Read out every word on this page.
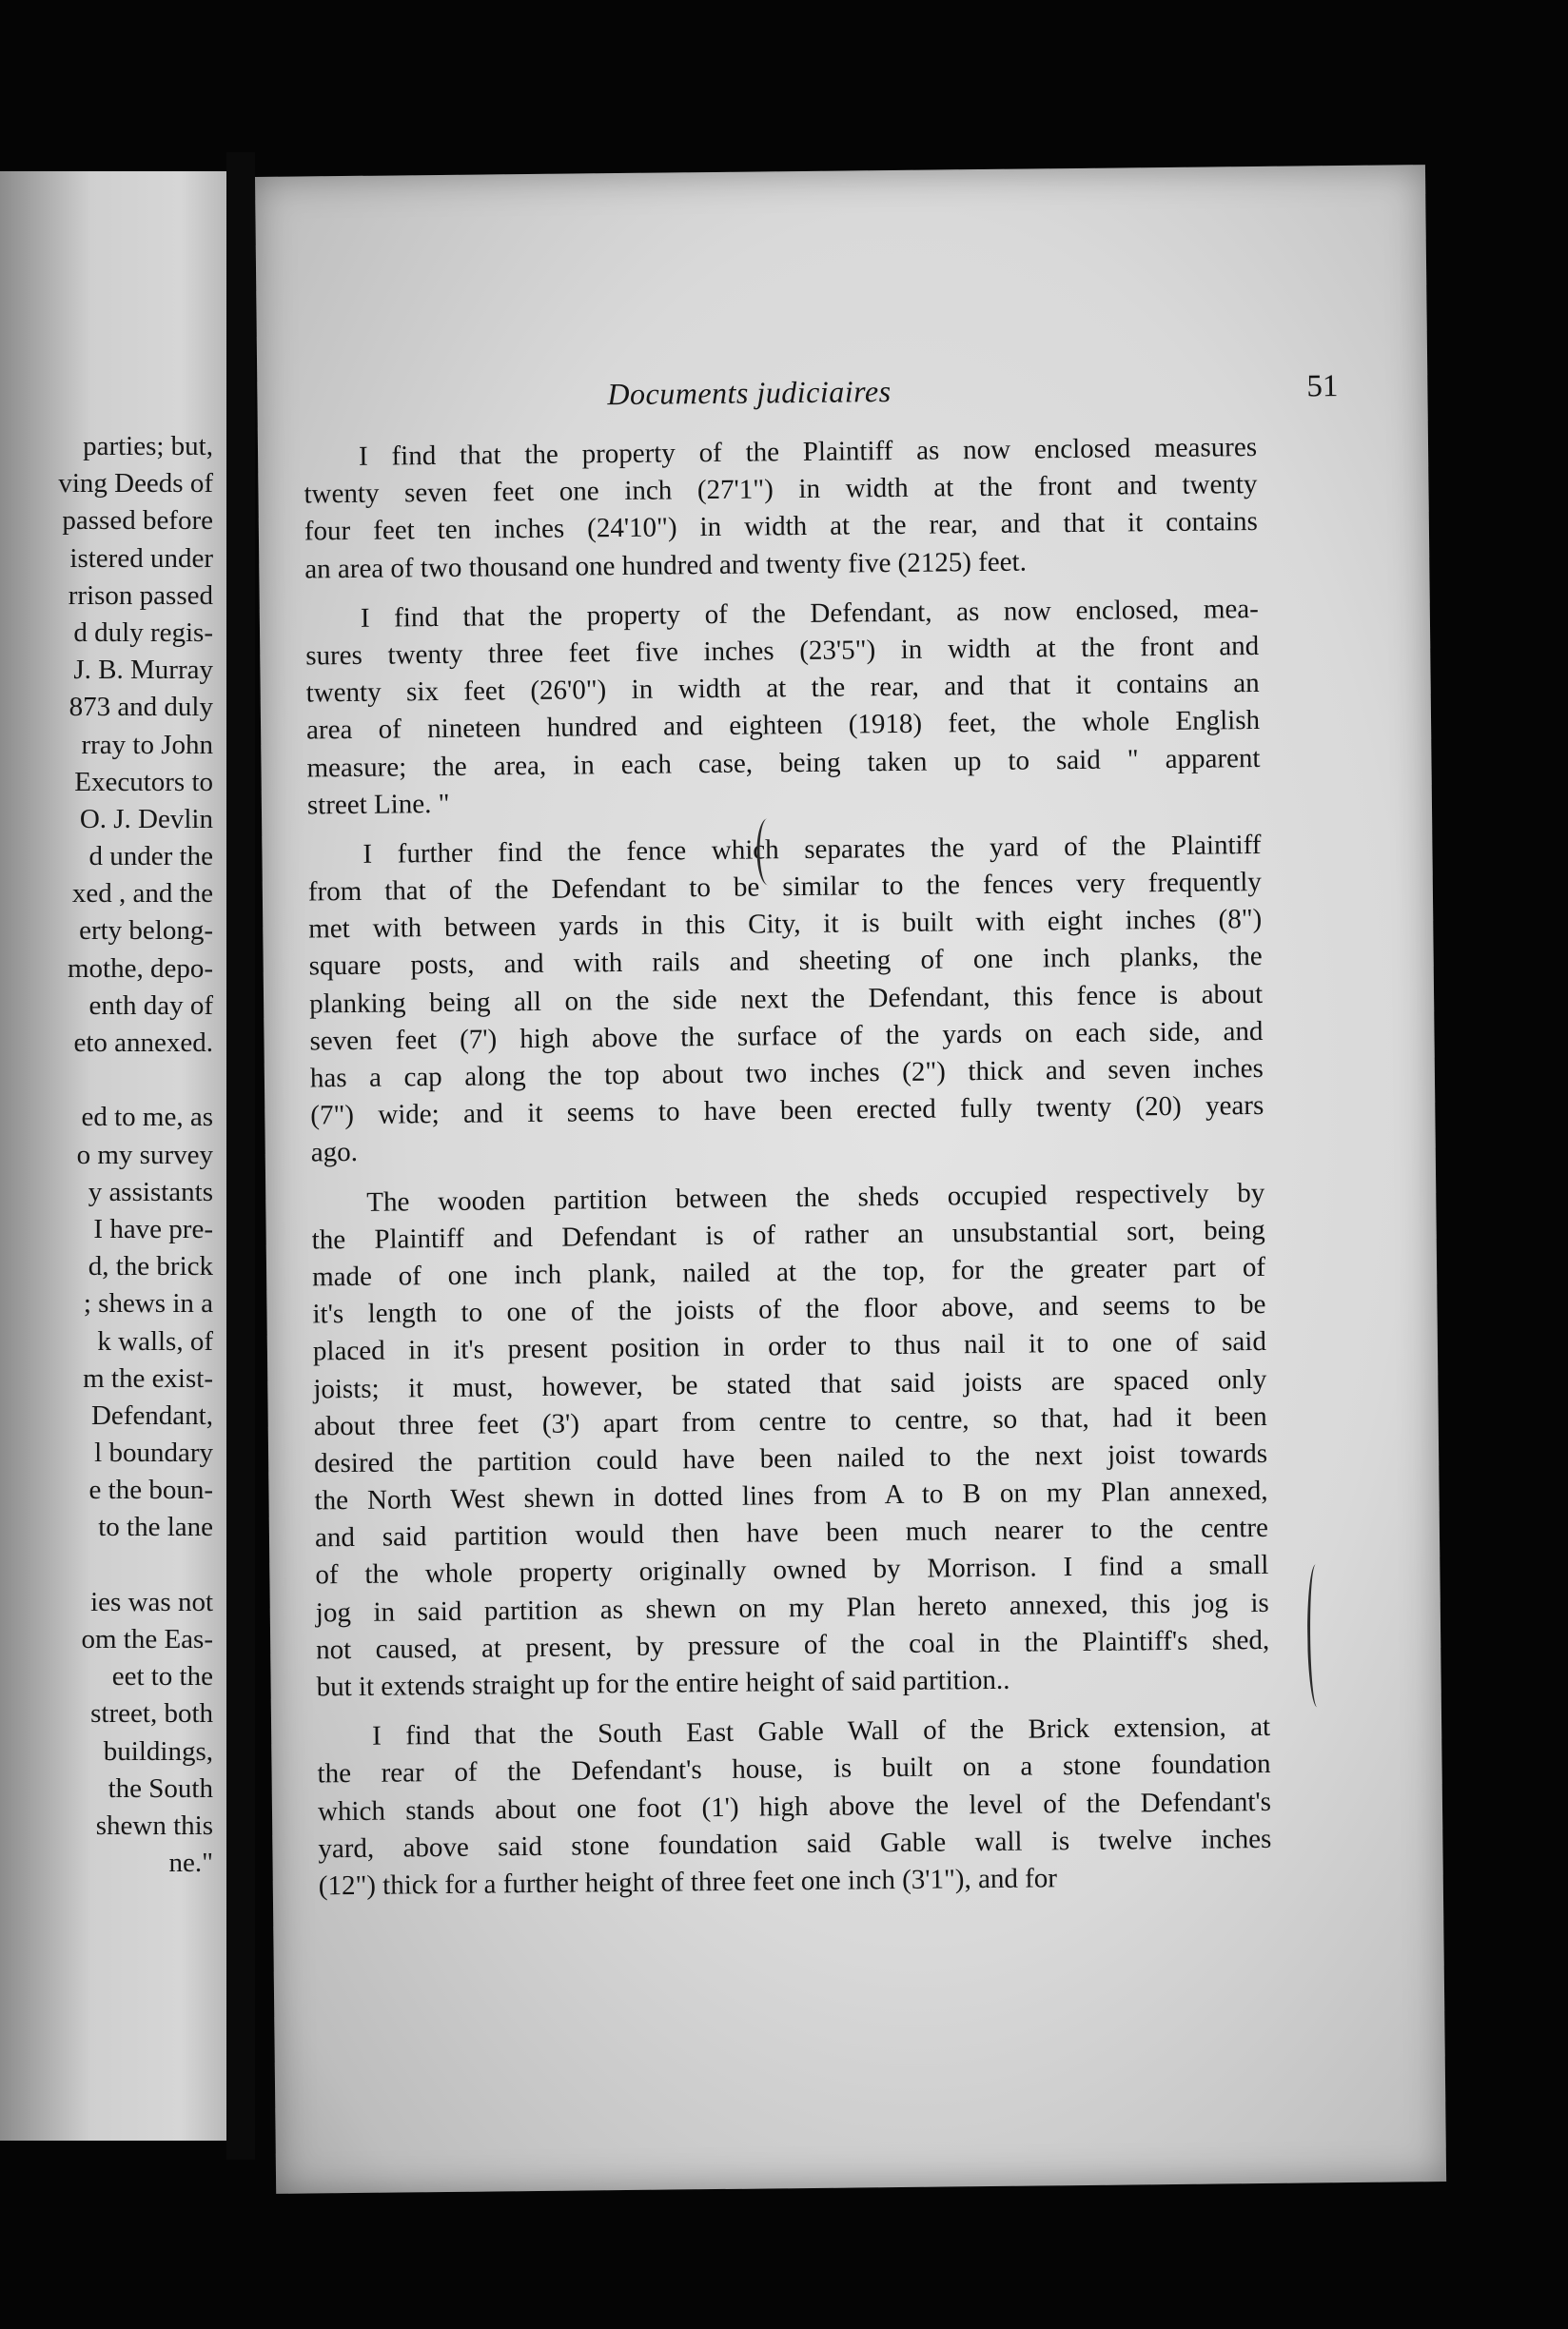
parties; but,
ving Deeds of
passed before
istered under
rrison passed
d duly regis-
J. B. Murray
873 and duly
rray to John
Executors to
O. J. Devlin
d under the
xed , and the
erty belong-
mothe, depo-
enth day of
eto annexed.
ed to me, as
o my survey
y assistants
I have pre-
d, the brick
; shews in a
k walls, of
m the exist-
Defendant,
l boundary
e the boun-
to the lane
ies was not
om the Eas-
eet to the
street, both
buildings,
the South
shewn this
ne."
Documents judiciaires	51
I find that the property of the Plaintiff as now enclosed measures
twenty seven feet one inch (27'1") in width at the front and twenty
four feet ten inches (24'10") in width at the rear, and that it contains
an area of two thousand one hundred and twenty five (2125) feet.
I find that the property of the Defendant, as now enclosed, mea-
sures twenty three feet five inches (23'5") in width at the front and
twenty six feet (26'0") in width at the rear, and that it contains an
area of nineteen hundred and eighteen (1918) feet, the whole English
measure; the area, in each case, being taken up to said " apparent
street Line. "
I further find the fence which separates the yard of the Plaintiff
from that of the Defendant to be similar to the fences very frequently
met with between yards in this City, it is built with eight inches (8")
square posts, and with rails and sheeting of one inch planks, the
planking being all on the side next the Defendant, this fence is about
seven feet (7') high above the surface of the yards on each side, and
has a cap along the top about two inches (2") thick and seven inches
(7") wide; and it seems to have been erected fully twenty (20) years
ago.
The wooden partition between the sheds occupied respectively by
the Plaintiff and Defendant is of rather an unsubstantial sort, being
made of one inch plank, nailed at the top, for the greater part of
it's length to one of the joists of the floor above, and seems to be
placed in it's present position in order to thus nail it to one of said
joists; it must, however, be stated that said joists are spaced only
about three feet (3') apart from centre to centre, so that, had it been
desired the partition could have been nailed to the next joist towards
the North West shewn in dotted lines from A to B on my Plan annexed,
and said partition would then have been much nearer to the centre
of the whole property originally owned by Morrison. I find a small
jog in said partition as shewn on my Plan hereto annexed, this jog is
not caused, at present, by pressure of the coal in the Plaintiff's shed,
but it extends straight up for the entire height of said partition..
I find that the South East Gable Wall of the Brick extension, at
the rear of the Defendant's house, is built on a stone foundation
which stands about one foot (1') high above the level of the Defendant's
yard, above said stone foundation said Gable wall is twelve inches
(12") thick for a further height of three feet one inch (3'1"), and for
